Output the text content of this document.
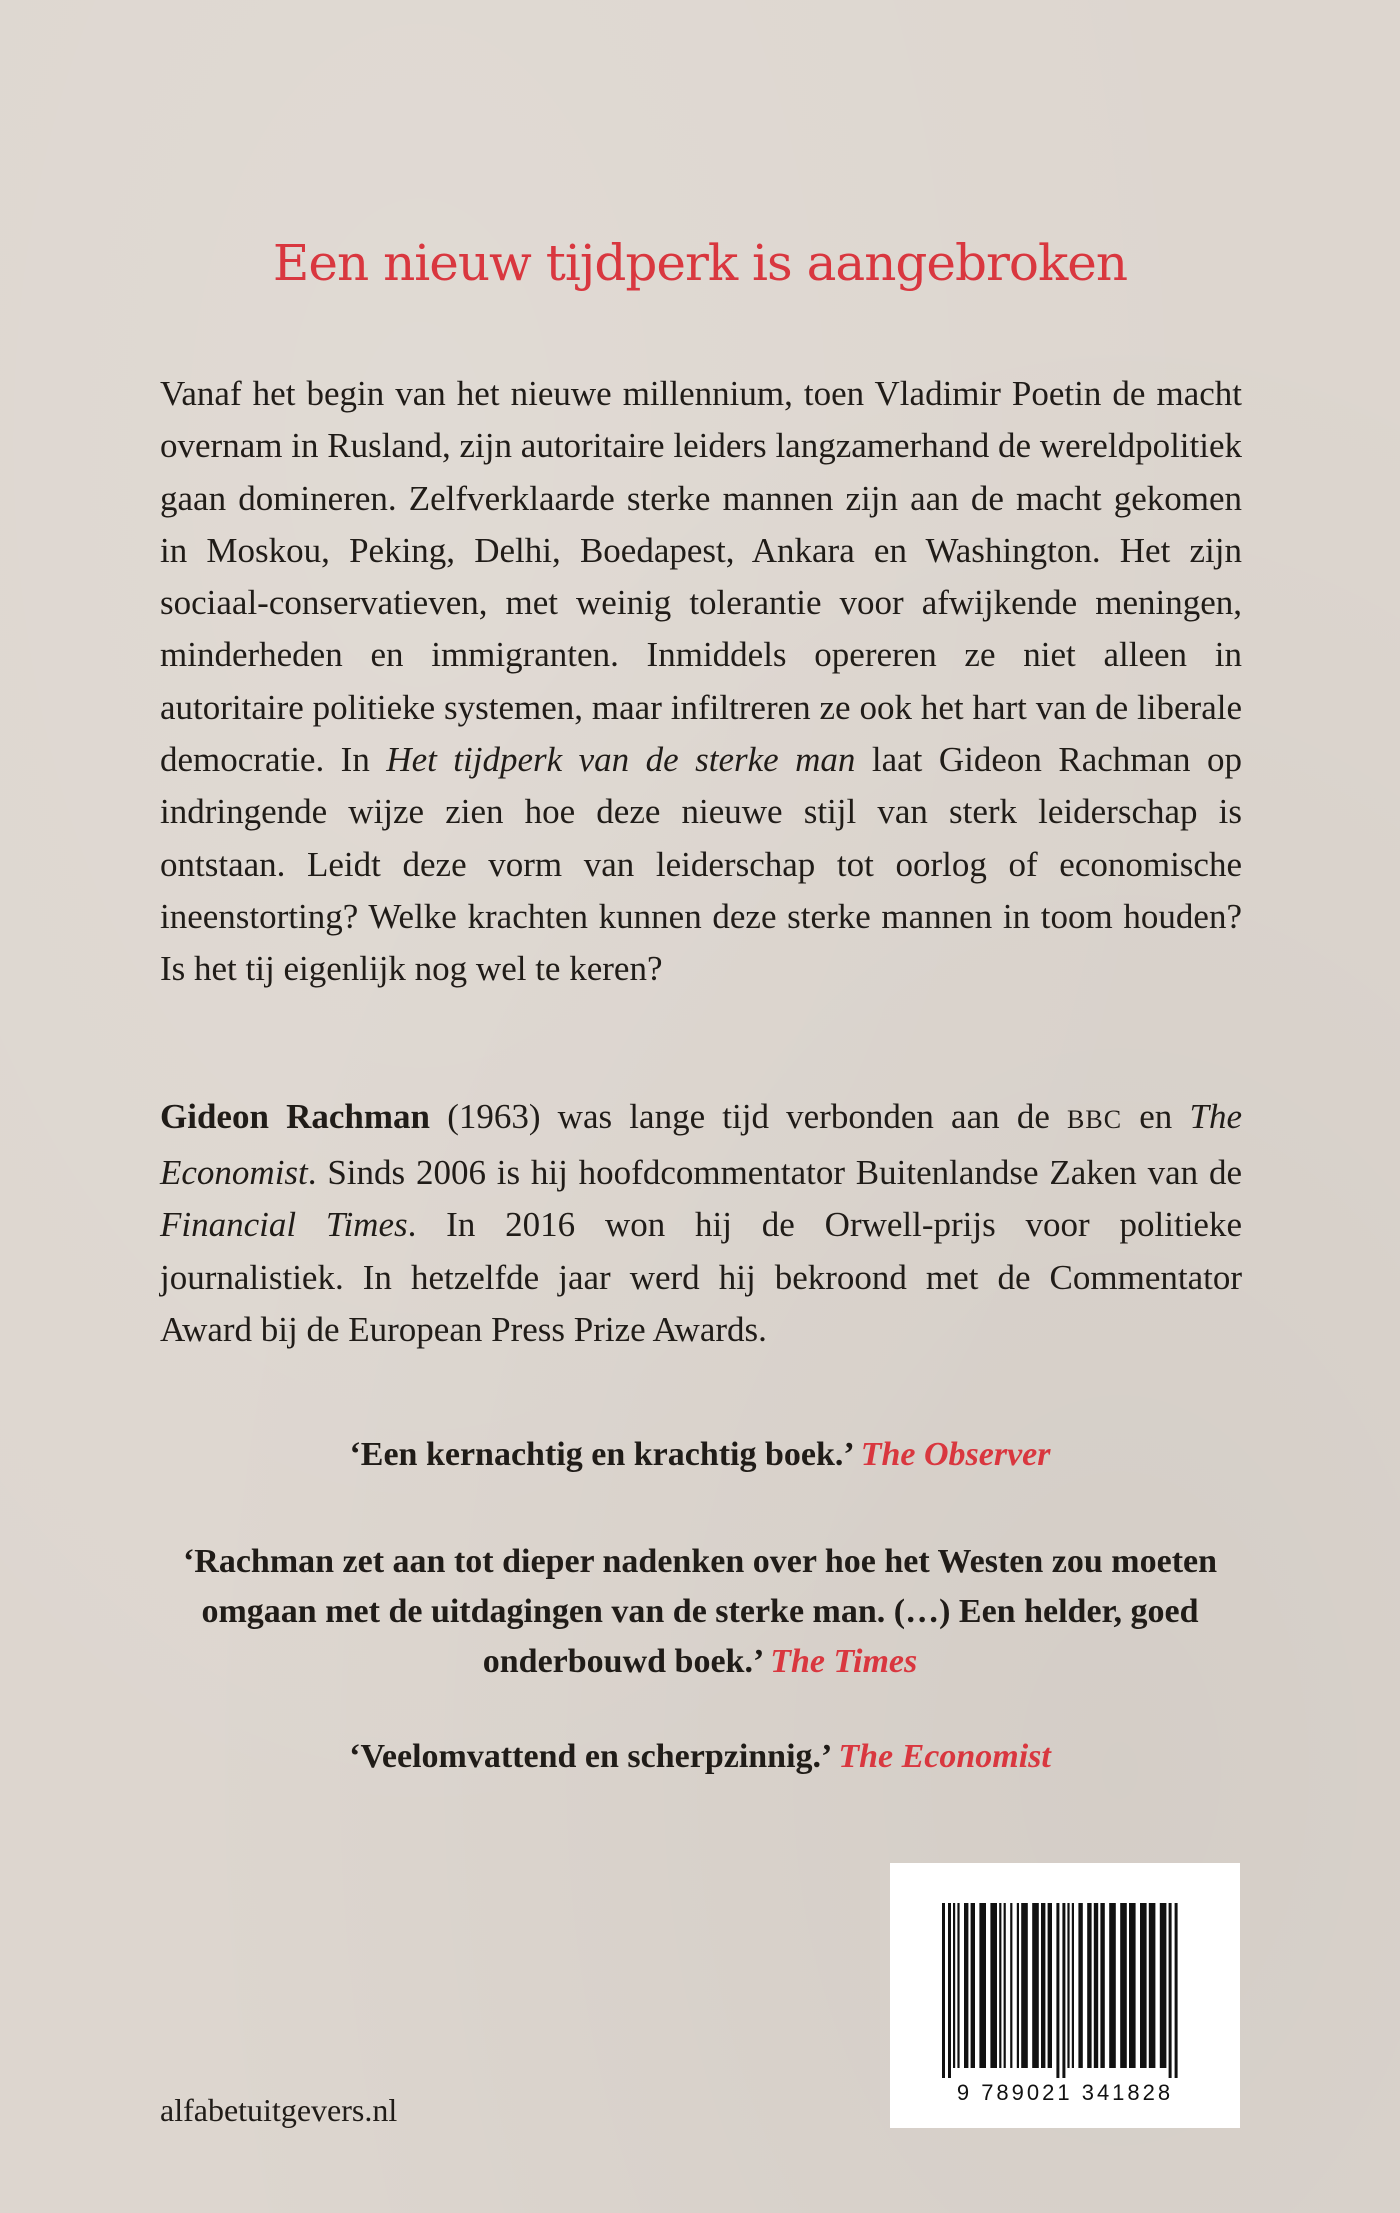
Een nieuw tijdperk is aangebroken

Vanaf het begin van het nieuwe millennium, toen Vladimir Poetin de macht overnam in Rusland, zijn autoritaire leiders langzamerhand de wereldpolitiek gaan domineren. Zelfverklaarde sterke mannen zijn aan de macht gekomen in Moskou, Peking, Delhi, Boedapest, Ankara en Washington. Het zijn sociaal-conservatieven, met weinig tolerantie voor afwijkende meningen, minderheden en immigranten. Inmiddels opereren ze niet alleen in autoritaire politieke systemen, maar infiltreren ze ook het hart van de liberale democratie. In Het tijdperk van de sterke man laat Gideon Rachman op indringende wijze zien hoe deze nieuwe stijl van sterk leiderschap is ontstaan. Leidt deze vorm van leiderschap tot oorlog of economische ineenstorting? Welke krachten kunnen deze sterke mannen in toom houden? Is het tij eigenlijk nog wel te keren?

Gideon Rachman (1963) was lange tijd verbonden aan de BBC en The Economist. Sinds 2006 is hij hoofdcommentator Buitenlandse Zaken van de Financial Times. In 2016 won hij de Orwell-prijs voor politieke journalistiek. In hetzelfde jaar werd hij bekroond met de Commentator Award bij de European Press Prize Awards.

‘Een kernachtig en krachtig boek.’ The Observer

‘Rachman zet aan tot dieper nadenken over hoe het Westen zou moeten
omgaan met de uitdagingen van de sterke man. (…) Een helder, goed
onderbouwd boek.’ The Times

‘Veelomvattend en scherpzinnig.’ The Economist

alfabetuitgevers.nl	9 789021 341828
